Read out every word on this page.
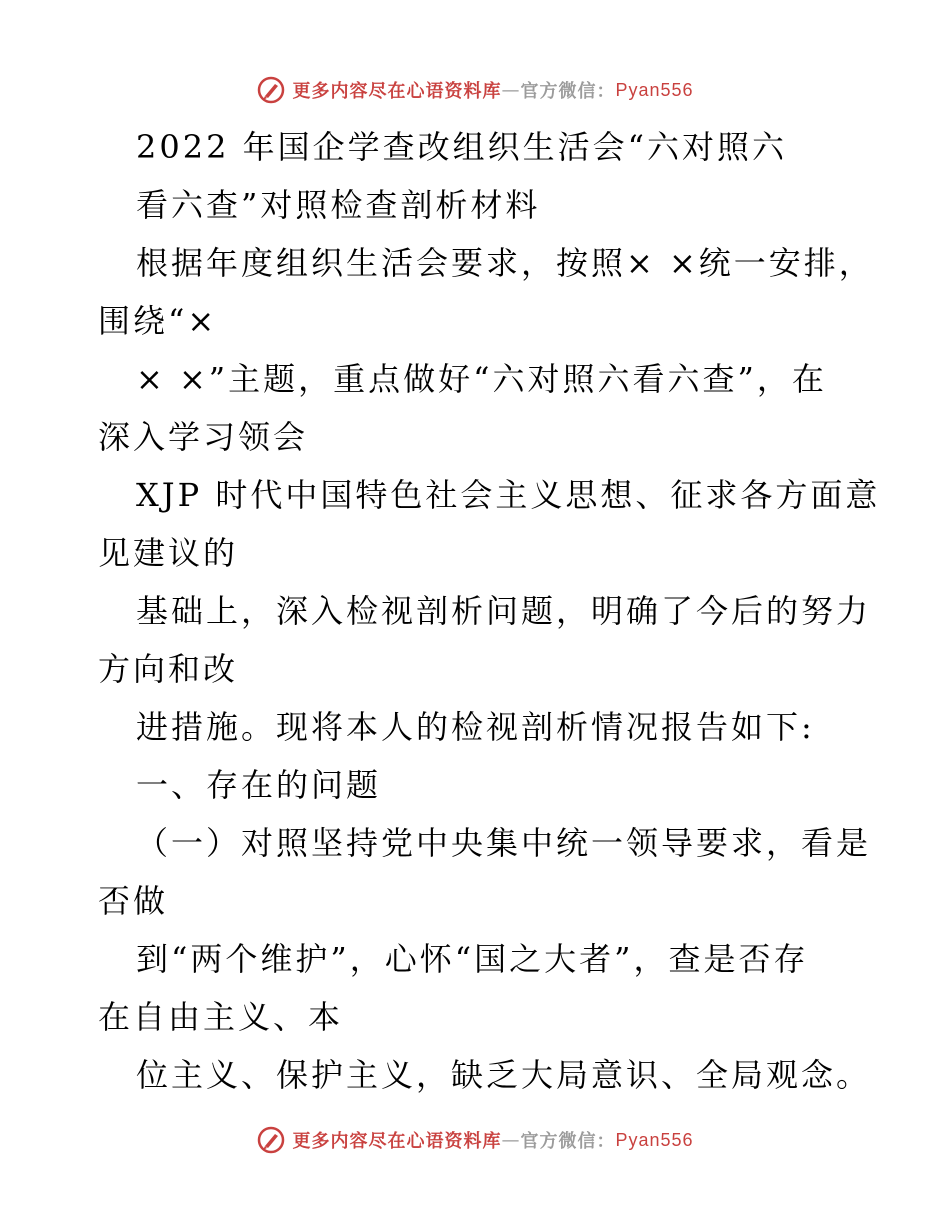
更多内容尽在心语资料库 — 官方微信： Pyan556
2022 年国企学查改组织生活会“六对照六
看六查”对照检查剖析材料
根据年度组织生活会要求，按照× ×统一安排，
围绕“×
× ×”主题，重点做好“六对照六看六查”，在
深入学习领会
XJP 时代中国特色社会主义思想、征求各方面意
见建议的
基础上，深入检视剖析问题，明确了今后的努力
方向和改
进措施。现将本人的检视剖析情况报告如下:
一、存在的问题
（一）对照坚持党中央集中统一领导要求，看是
否做
到“两个维护”，心怀“国之大者”，查是否存
在自由主义、本
位主义、保护主义，缺乏大局意识、全局观念。
更多内容尽在心语资料库 — 官方微信： Pyan556
